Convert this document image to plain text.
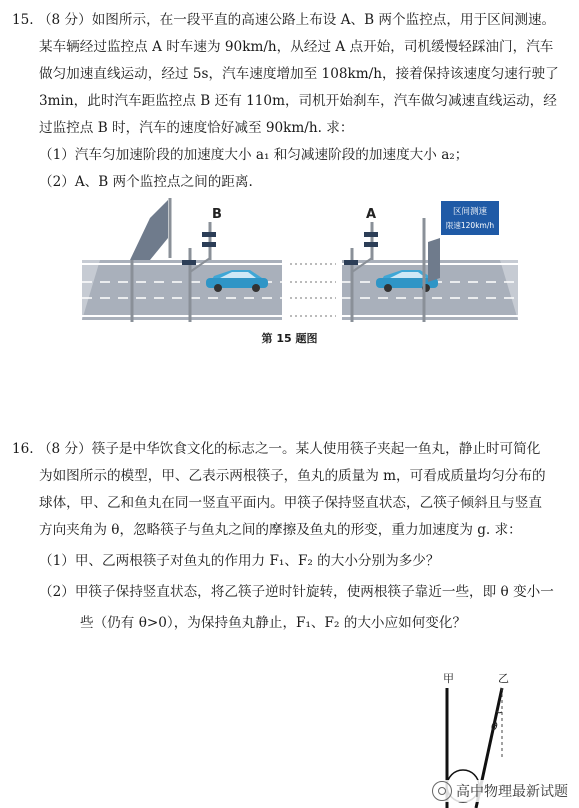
15. （8 分）如图所示，在一段平直的高速公路上布设 A、B 两个监控点，用于区间测速。
某车辆经过监控点 A 时车速为 90km/h，从经过 A 点开始，司机缓慢轻踩油门，汽车
做匀加速直线运动，经过 5s，汽车速度增加至 108km/h，接着保持该速度匀速行驶了
3min，此时汽车距监控点 B 还有 110m，司机开始刹车，汽车做匀减速直线运动，经
过监控点 B 时，汽车的速度恰好减至 90km/h. 求：
（1）汽车匀加速阶段的加速度大小 a₁ 和匀减速阶段的加速度大小 a₂；
（2）A、B 两个监控点之间的距离.
B	A	区间测速
限速120km/h
第 15 题图
16. （8 分）筷子是中华饮食文化的标志之一。某人使用筷子夹起一鱼丸，静止时可简化
为如图所示的模型，甲、乙表示两根筷子，鱼丸的质量为 m，可看成质量均匀分布的
球体，甲、乙和鱼丸在同一竖直平面内。甲筷子保持竖直状态，乙筷子倾斜且与竖直
方向夹角为 θ，忽略筷子与鱼丸之间的摩擦及鱼丸的形变，重力加速度为 g. 求：
（1）甲、乙两根筷子对鱼丸的作用力 F₁、F₂ 的大小分别为多少？
（2）甲筷子保持竖直状态，将乙筷子逆时针旋转，使两根筷子靠近一些，即 θ 变小一
些（仍有 θ>0），为保持鱼丸静止，F₁、F₂ 的大小应如何变化？
甲	乙
θ
高中物理最新试题
